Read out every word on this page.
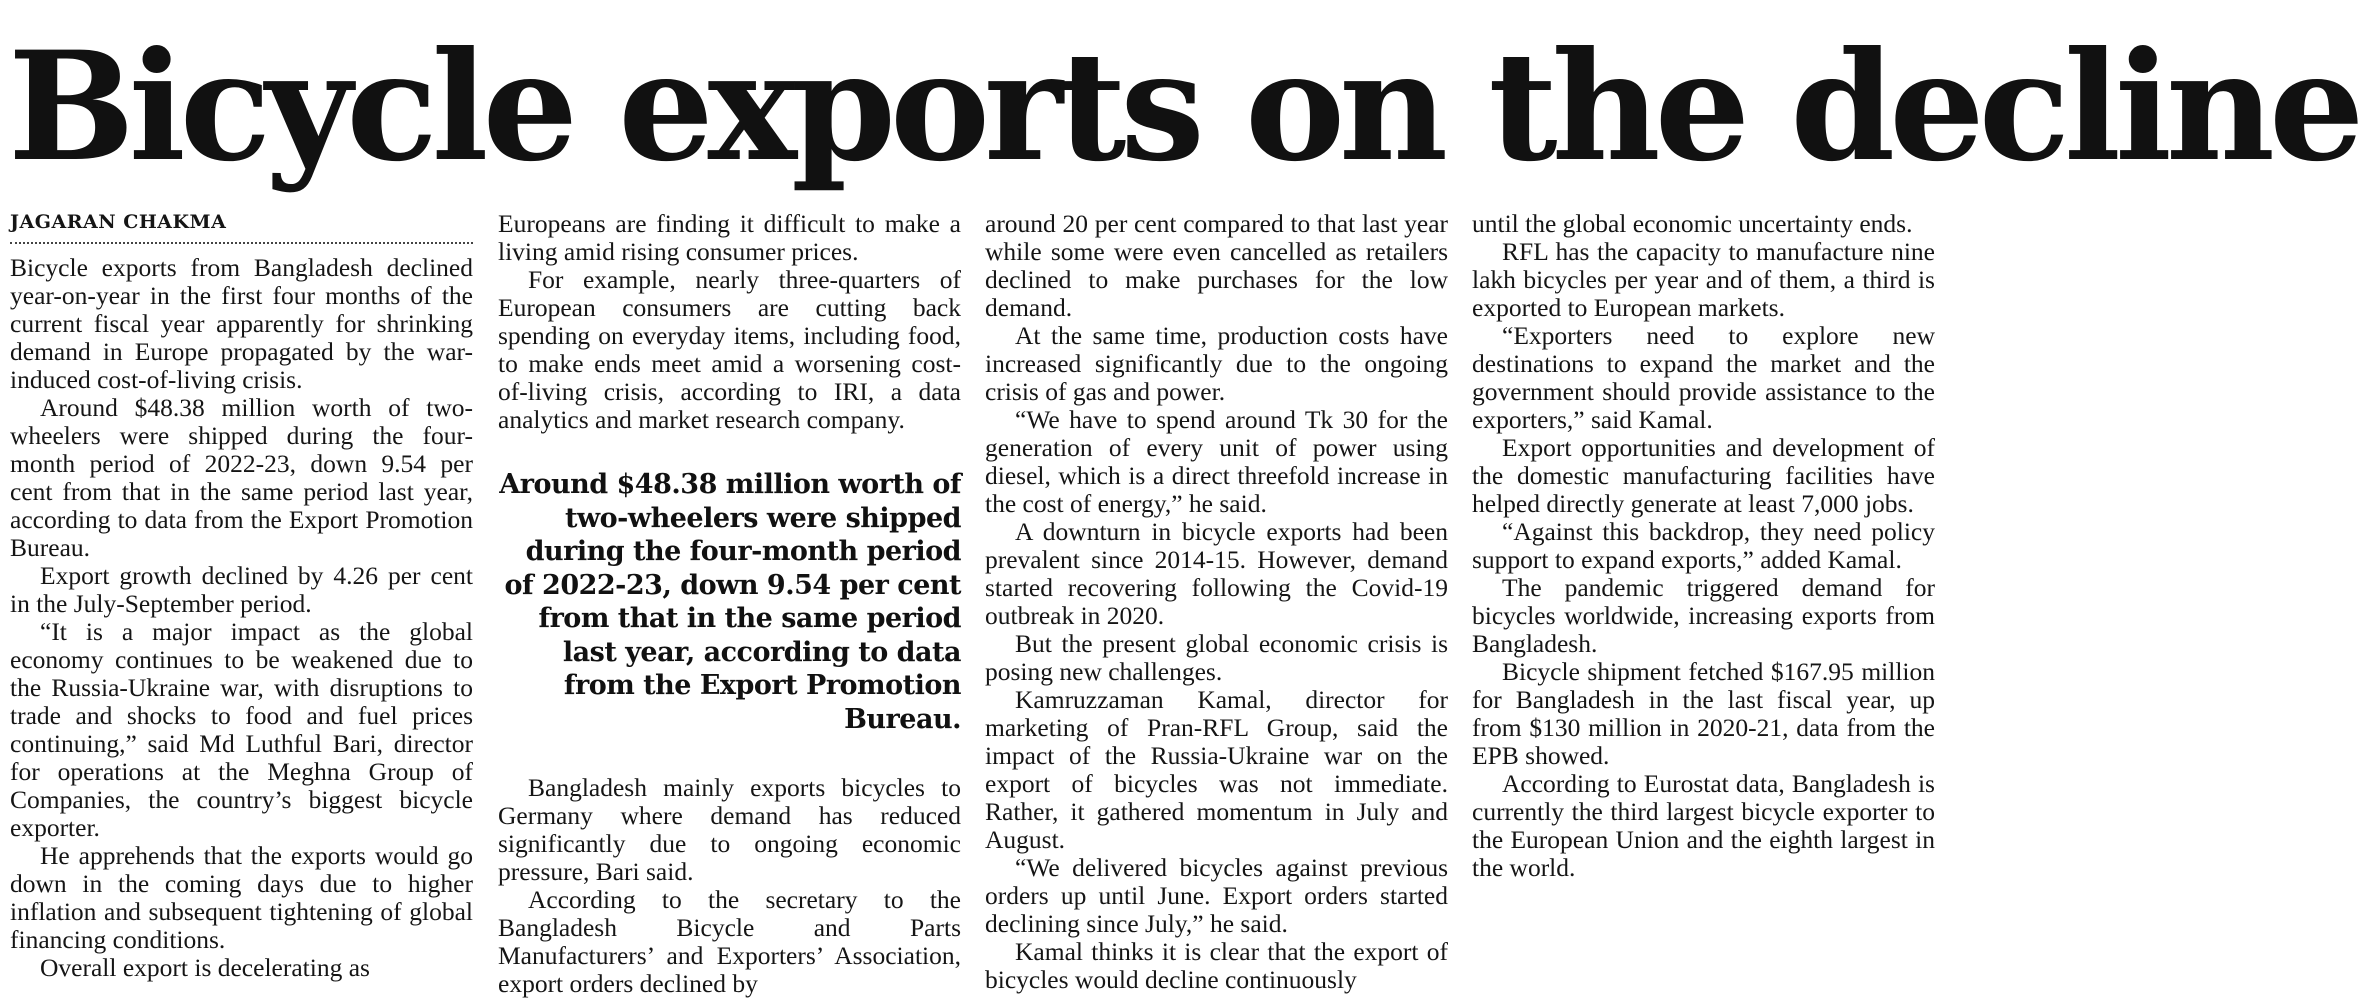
Bicycle exports on the decline
JAGARAN CHAKMA

Bicycle exports from Bangladesh declined year-on-year in the first four months of the current fiscal year apparently for shrinking demand in Europe propagated by the war-induced cost-of-living crisis.

Around $48.38 million worth of two-wheelers were shipped during the four-month period of 2022-23, down 9.54 per cent from that in the same period last year, according to data from the Export Promotion Bureau.

Export growth declined by 4.26 per cent in the July-September period.

“It is a major impact as the global economy continues to be weakened due to the Russia-Ukraine war, with disruptions to trade and shocks to food and fuel prices continuing,” said Md Luthful Bari, director for operations at the Meghna Group of Companies, the country’s biggest bicycle exporter.

He apprehends that the exports would go down in the coming days due to higher inflation and subsequent tightening of global financing conditions.

Overall export is decelerating as

Europeans are finding it difficult to make a living amid rising consumer prices.

For example, nearly three-quarters of European consumers are cutting back spending on everyday items, including food, to make ends meet amid a worsening cost-of-living crisis, according to IRI, a data analytics and market research company.

Around $48.38 million worth of two-wheelers were shipped during the four-month period of 2022-23, down 9.54 per cent from that in the same period last year, according to data from the Export Promotion Bureau.

Bangladesh mainly exports bicycles to Germany where demand has reduced significantly due to ongoing economic pressure, Bari said.

According to the secretary to the Bangladesh Bicycle and Parts Manufacturers’ and Exporters’ Association, export orders declined by

around 20 per cent compared to that last year while some were even cancelled as retailers declined to make purchases for the low demand.

At the same time, production costs have increased significantly due to the ongoing crisis of gas and power.

“We have to spend around Tk 30 for the generation of every unit of power using diesel, which is a direct threefold increase in the cost of energy,” he said.

A downturn in bicycle exports had been prevalent since 2014-15. However, demand started recovering following the Covid-19 outbreak in 2020.

But the present global economic crisis is posing new challenges.

Kamruzzaman Kamal, director for marketing of Pran-RFL Group, said the impact of the Russia-Ukraine war on the export of bicycles was not immediate. Rather, it gathered momentum in July and August.

“We delivered bicycles against previous orders up until June. Export orders started declining since July,” he said.

Kamal thinks it is clear that the export of bicycles would decline continuously

until the global economic uncertainty ends.

RFL has the capacity to manufacture nine lakh bicycles per year and of them, a third is exported to European markets.

“Exporters need to explore new destinations to expand the market and the government should provide assistance to the exporters,” said Kamal.

Export opportunities and development of the domestic manufacturing facilities have helped directly generate at least 7,000 jobs.

“Against this backdrop, they need policy support to expand exports,” added Kamal.

The pandemic triggered demand for bicycles worldwide, increasing exports from Bangladesh.

Bicycle shipment fetched $167.95 million for Bangladesh in the last fiscal year, up from $130 million in 2020-21, data from the EPB showed.

According to Eurostat data, Bangladesh is currently the third largest bicycle exporter to the European Union and the eighth largest in the world.
